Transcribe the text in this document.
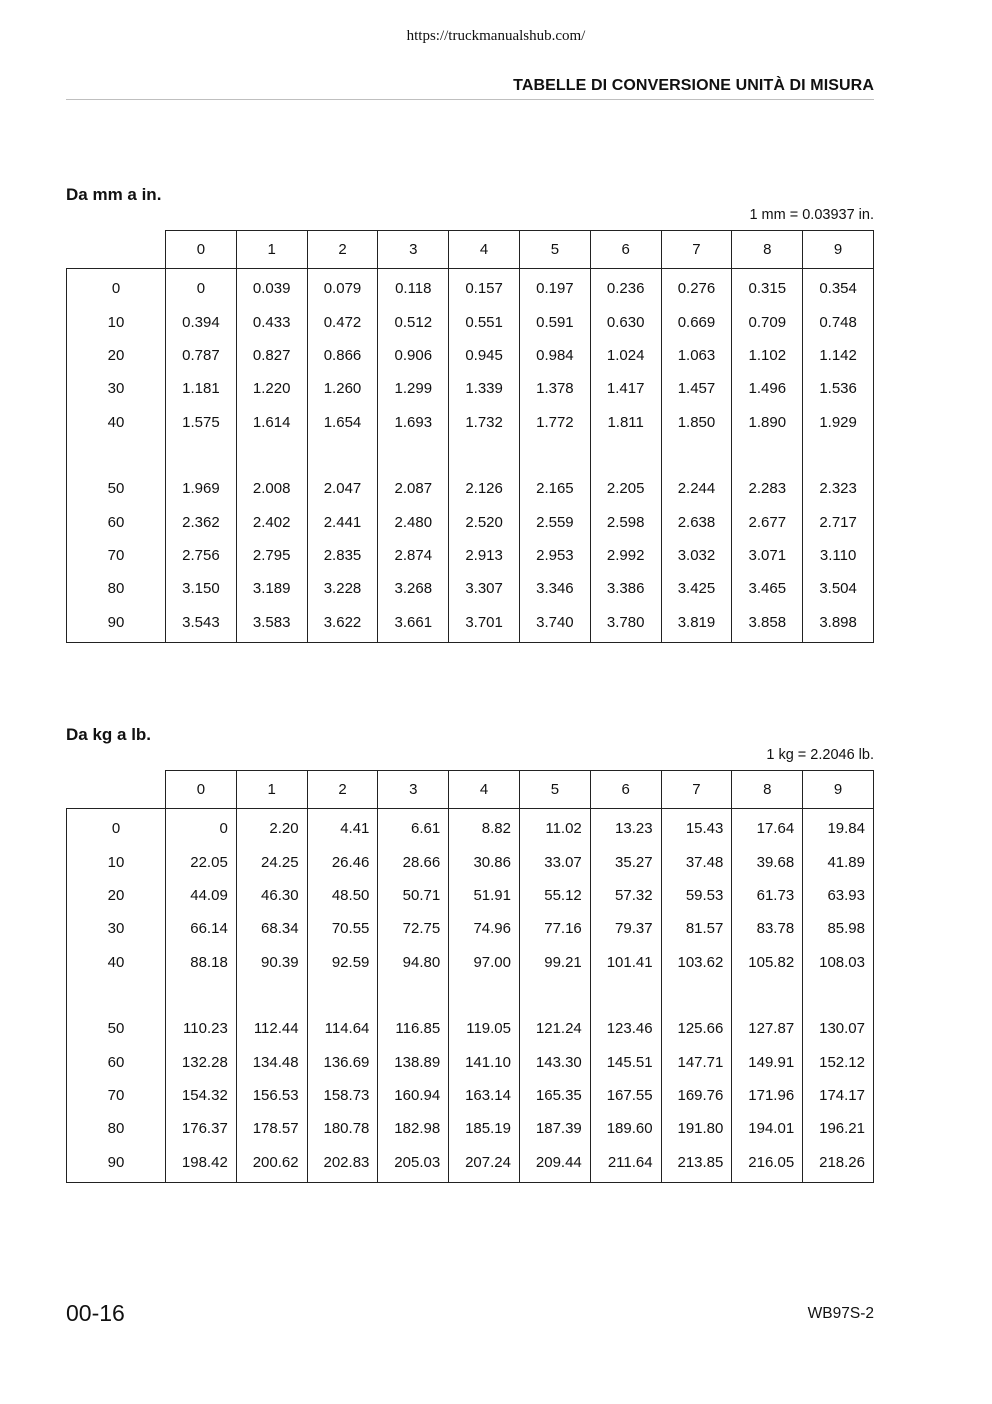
https://truckmanualshub.com/
TABELLE DI CONVERSIONE UNITÀ DI MISURA
Da mm a in.
1 mm = 0.03937 in.
	0	1	2	3	4	5	6	7	8	9
0	0	0.039	0.079	0.118	0.157	0.197	0.236	0.276	0.315	0.354
10	0.394	0.433	0.472	0.512	0.551	0.591	0.630	0.669	0.709	0.748
20	0.787	0.827	0.866	0.906	0.945	0.984	1.024	1.063	1.102	1.142
30	1.181	1.220	1.260	1.299	1.339	1.378	1.417	1.457	1.496	1.536
40	1.575	1.614	1.654	1.693	1.732	1.772	1.811	1.850	1.890	1.929

50	1.969	2.008	2.047	2.087	2.126	2.165	2.205	2.244	2.283	2.323
60	2.362	2.402	2.441	2.480	2.520	2.559	2.598	2.638	2.677	2.717
70	2.756	2.795	2.835	2.874	2.913	2.953	2.992	3.032	3.071	3.110
80	3.150	3.189	3.228	3.268	3.307	3.346	3.386	3.425	3.465	3.504
90	3.543	3.583	3.622	3.661	3.701	3.740	3.780	3.819	3.858	3.898
Da kg a lb.
1 kg = 2.2046 lb.
	0	1	2	3	4	5	6	7	8	9
0	0	2.20	4.41	6.61	8.82	11.02	13.23	15.43	17.64	19.84
10	22.05	24.25	26.46	28.66	30.86	33.07	35.27	37.48	39.68	41.89
20	44.09	46.30	48.50	50.71	51.91	55.12	57.32	59.53	61.73	63.93
30	66.14	68.34	70.55	72.75	74.96	77.16	79.37	81.57	83.78	85.98
40	88.18	90.39	92.59	94.80	97.00	99.21	101.41	103.62	105.82	108.03

50	110.23	112.44	114.64	116.85	119.05	121.24	123.46	125.66	127.87	130.07
60	132.28	134.48	136.69	138.89	141.10	143.30	145.51	147.71	149.91	152.12
70	154.32	156.53	158.73	160.94	163.14	165.35	167.55	169.76	171.96	174.17
80	176.37	178.57	180.78	182.98	185.19	187.39	189.60	191.80	194.01	196.21
90	198.42	200.62	202.83	205.03	207.24	209.44	211.64	213.85	216.05	218.26
00-16	WB97S-2
